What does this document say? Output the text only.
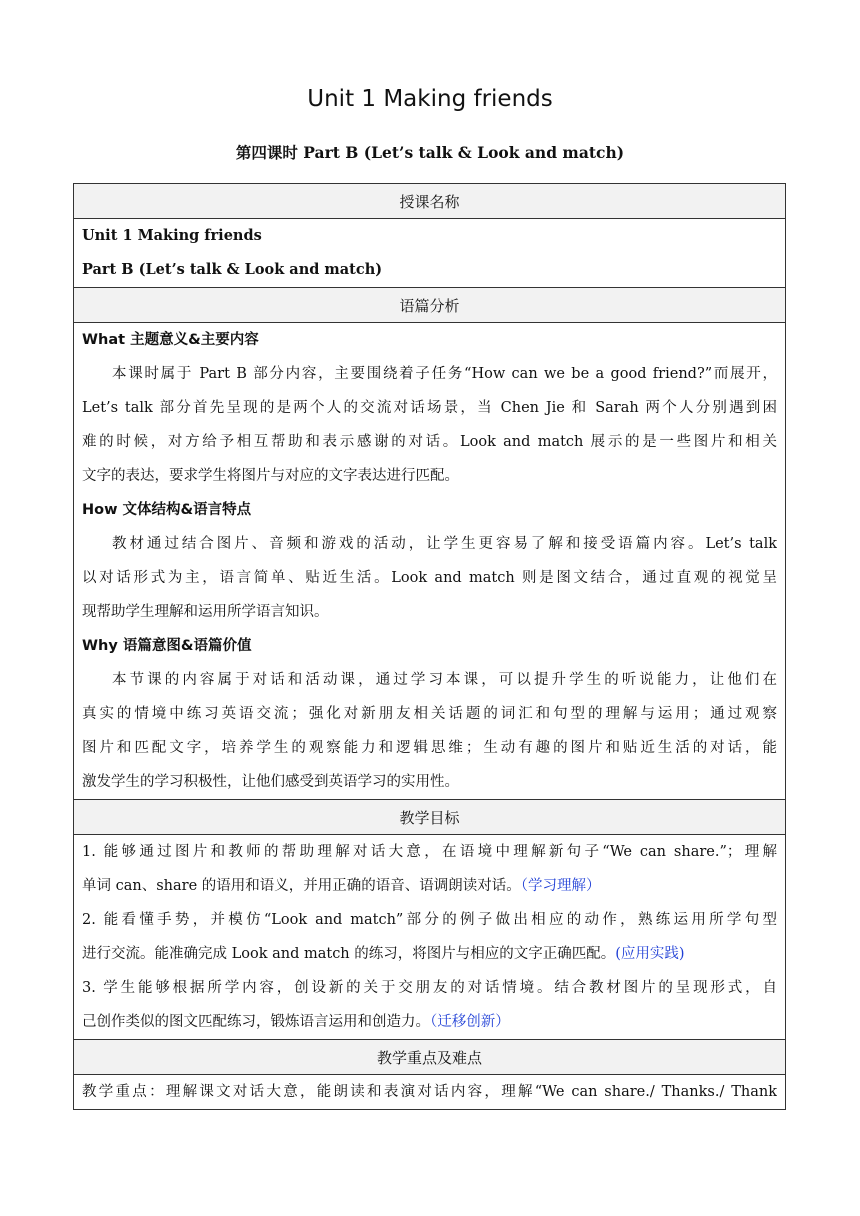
Unit 1 Making friends
第四课时 Part B (Let’s talk & Look and match)
授课名称

Unit 1 Making friends
Part B (Let’s talk & Look and match)

语篇分析

What 主题意义&主要内容
本课时属于 Part B 部分内容，主要围绕着子任务“How can we be a good friend?”而展开，
Let’s talk 部分首先呈现的是两个人的交流对话场景，当 Chen Jie 和 Sarah 两个人分别遇到困
难的时候，对方给予相互帮助和表示感谢的对话。Look and match 展示的是一些图片和相关
文字的表达，要求学生将图片与对应的文字表达进行匹配。
How 文体结构&语言特点
教材通过结合图片、音频和游戏的活动，让学生更容易了解和接受语篇内容。Let’s talk
以对话形式为主，语言简单、贴近生活。Look and match 则是图文结合，通过直观的视觉呈
现帮助学生理解和运用所学语言知识。
Why 语篇意图&语篇价值
本节课的内容属于对话和活动课，通过学习本课，可以提升学生的听说能力，让他们在
真实的情境中练习英语交流；强化对新朋友相关话题的词汇和句型的理解与运用；通过观察
图片和匹配文字，培养学生的观察能力和逻辑思维；生动有趣的图片和贴近生活的对话，能
激发学生的学习积极性，让他们感受到英语学习的实用性。

教学目标

1. 能够通过图片和教师的帮助理解对话大意，在语境中理解新句子“We can share.”；理解
单词 can、share 的语用和语义，并用正确的语音、语调朗读对话。（学习理解）
2. 能看懂手势，并模仿“Look and match”部分的例子做出相应的动作，熟练运用所学句型
进行交流。能准确完成 Look and match 的练习，将图片与相应的文字正确匹配。(应用实践)
3. 学生能够根据所学内容，创设新的关于交朋友的对话情境。结合教材图片的呈现形式，自
己创作类似的图文匹配练习，锻炼语言运用和创造力。（迁移创新）

教学重点及难点

教学重点：理解课文对话大意，能朗读和表演对话内容，理解“We can share./ Thanks./ Thank
